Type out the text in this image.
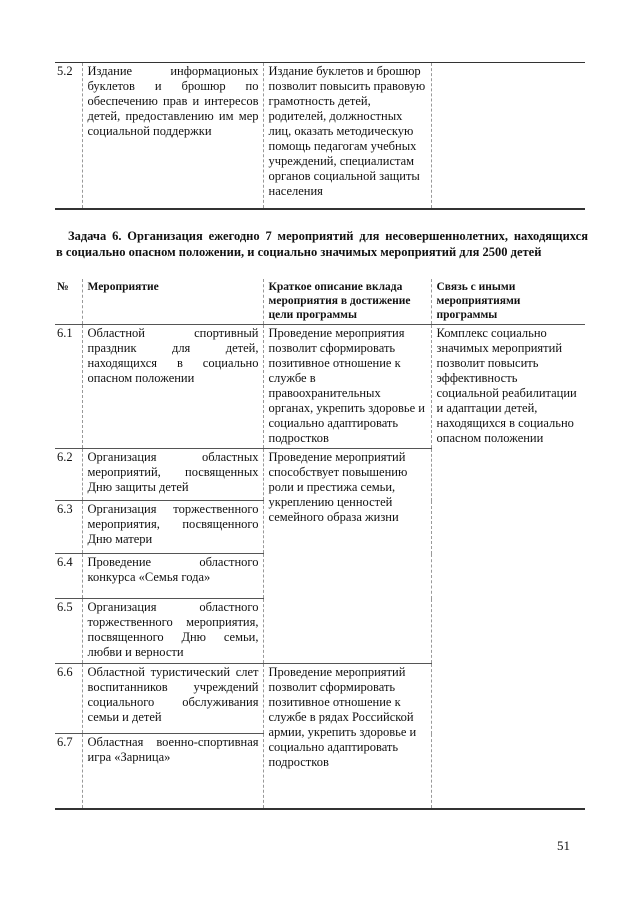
5.2	Издание информационых буклетов и брошюр по обеспечению прав и интересов детей, предоставлению им мер социальной поддержки	Издание буклетов и брошюр позволит повысить правовую грамотность детей, родителей, должностных лиц, оказать методическую помощь педагогам учебных учреждений, специалистам органов социальной защиты населения	
Задача 6. Организация ежегодно 7 мероприятий для несовершеннолетних, находящихся
в социально опасном положении, и социально значимых мероприятий для 2500 детей
№	Мероприятие	Краткое описание вклада мероприятия в достижение цели программы	Связь с иными мероприятиями программы
6.1	Областной спортивный праздник для детей, находящихся в социально опасном положении	Проведение мероприятия позволит сформировать позитивное отношение к службе в правоохранительных органах, укрепить здоровье и социально адаптировать подростков	Комплекс социально значимых мероприятий позволит повысить эффективность социальной реабилитации и адаптации детей, находящихся в социально опасном положении
6.2	Организация областных мероприятий, посвященных Дню защиты детей	Проведение мероприятий способствует повышению роли и престижа семьи, укреплению ценностей семейного образа жизни	
6.3	Организация торжественного мероприятия, посвященного Дню матери		
6.4	Проведение областного конкурса «Семья года»		
6.5	Организация областного торжественного мероприятия, посвященного Дню семьи, любви и верности		
6.6	Областной туристический слет воспитанников учреждений социального обслуживания семьи и детей	Проведение мероприятий позволит сформировать позитивное отношение к службе в рядах Российской армии, укрепить здоровье и социально адаптировать подростков	
6.7	Областная военно-спортивная игра «Зарница»		
51
